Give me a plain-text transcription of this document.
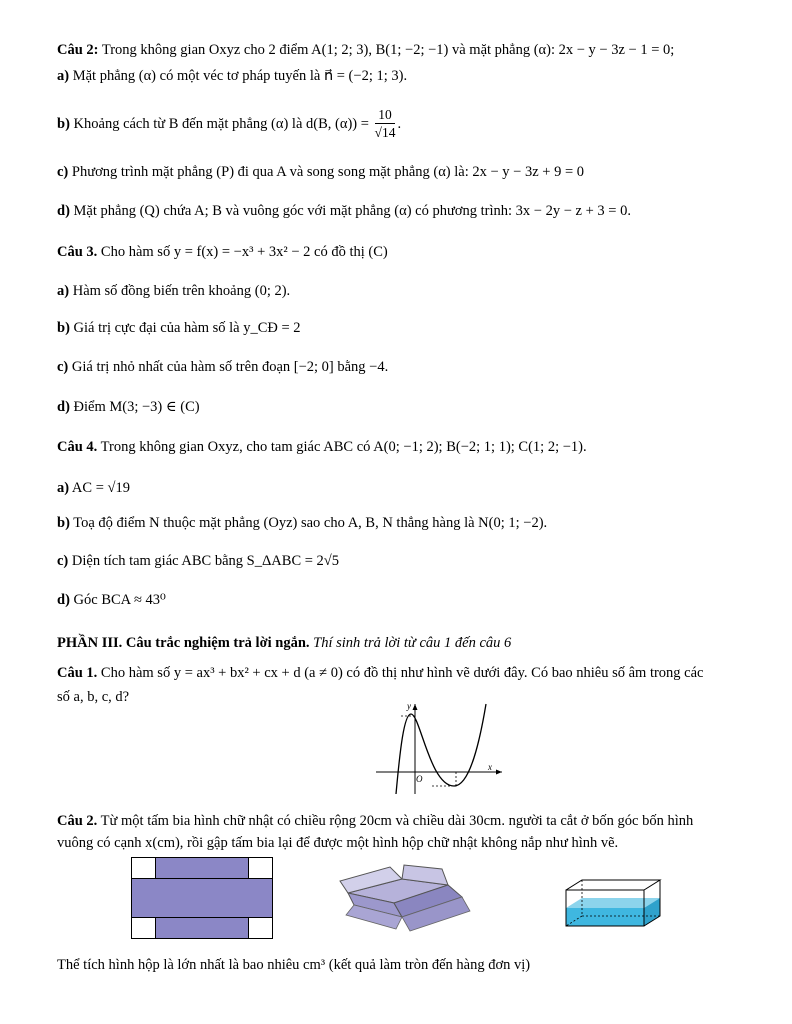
Câu 2: Trong không gian Oxyz cho 2 điểm A(1; 2; 3), B(1; −2; −1) và mặt phẳng (α): 2x − y − 3z − 1 = 0;
a) Mặt phẳng (α) có một véc tơ pháp tuyến là n⃗ = (−2; 1; 3).
b) Khoảng cách từ B đến mặt phẳng (α) là d(B, $(\alpha)) = \frac{10}{√14}$ .
c) Phương trình mặt phẳng (P) đi qua A và song song mặt phẳng (α) là: 2x − y − 3z + 9 = 0
d) Mặt phẳng (Q) chứa A; B và vuông góc với mặt phẳng (α) có phương trình: 3x − 2y − z + 3 = 0.
Câu 3. Cho hàm số y = f(x) = −x³ + 3x² − 2 có đồ thị (C)
a) Hàm số đồng biến trên khoảng (0; 2).
b) Giá trị cực đại của hàm số là y_CĐ = 2
c) Giá trị nhỏ nhất của hàm số trên đoạn [−2; 0] bằng −4.
d) Điểm M(3; −3) ∈ (C)
Câu 4. Trong không gian Oxyz, cho tam giác ABC có A(0; −1; 2); B(−2; 1; 1); C(1; 2; −1).
a) AC = √19
b) Toạ độ điểm N thuộc mặt phẳng (Oyz) sao cho A, B, N thẳng hàng là N(0; 1; −2).
c) Diện tích tam giác ABC bằng S_ΔABC = 2√5
d) Góc BCA ≈ 43⁰
PHẦN III. Câu trắc nghiệm trả lời ngắn. Thí sinh trả lời từ câu 1 đến câu 6
Câu 1. Cho hàm số y = ax³ + bx² + cx + d (a ≠ 0) có đồ thị như hình vẽ dưới đây. Có bao nhiêu số âm trong các
số a, b, c, d?
y
x
O
Câu 2. Từ một tấm bia hình chữ nhật có chiều rộng 20cm và chiều dài 30cm. người ta cắt ở bốn góc bốn hình
vuông có cạnh x(cm), rồi gập tấm bia lại để được một hình hộp chữ nhật không nắp như hình vẽ.
Thể tích hình hộp là lớn nhất là bao nhiêu cm³ (kết quả làm tròn đến hàng đơn vị)
